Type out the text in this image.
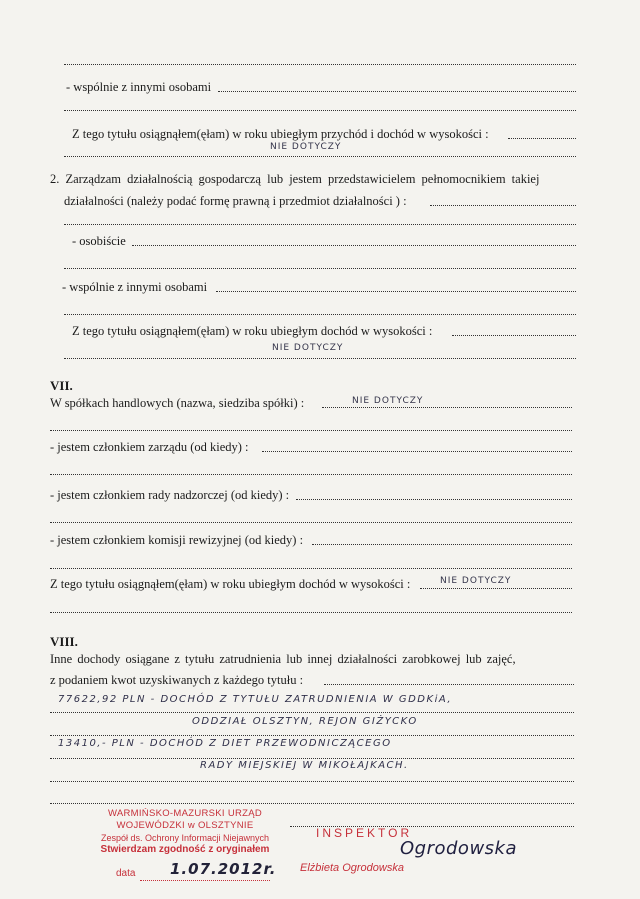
- wspólnie z innymi osobami
Z tego tytułu osiągnąłem(ęłam) w roku ubiegłym przychód i dochód w wysokości :
NIE DOTYCZY
2. Zarządzam działalnością gospodarczą lub jestem przedstawicielem pełnomocnikiem takiej
działalności (należy podać formę prawną i przedmiot działalności ) :
- osobiście
- wspólnie z innymi osobami
Z tego tytułu osiągnąłem(ęłam) w roku ubiegłym dochód w wysokości :
NIE DOTYCZY
VII.
W spółkach handlowych (nazwa, siedziba spółki) :	NIE DOTYCZY
- jestem członkiem zarządu (od kiedy) :
- jestem członkiem rady nadzorczej (od kiedy) :
- jestem członkiem komisji rewizyjnej (od kiedy) :
Z tego tytułu osiągnąłem(ęłam) w roku ubiegłym dochód w wysokości :	NIE DOTYCZY
VIII.
Inne dochody osiągane z tytułu zatrudnienia lub innej działalności zarobkowej lub zajęć,
z podaniem kwot uzyskiwanych z każdego tytułu :
77622,92 PLN - DOCHÓD Z TYTUŁU ZATRUDNIENIA W GDDKiA,
ODDZIAŁ OLSZTYN, REJON GIŻYCKO
13410,- PLN - DOCHÓD Z DIET PRZEWODNICZĄCEGO
RADY MIEJSKIEJ W MIKOŁAJKACH.
WARMIŃSKO-MAZURSKI URZĄD
WOJEWÓDZKI w OLSZTYNIE
Zespół ds. Ochrony Informacji Niejawnych
Stwierdzam zgodność z oryginałem
data 1.07.2012r.
INSPEKTOR
Elżbieta Ogrodowska
Ogrodowska
